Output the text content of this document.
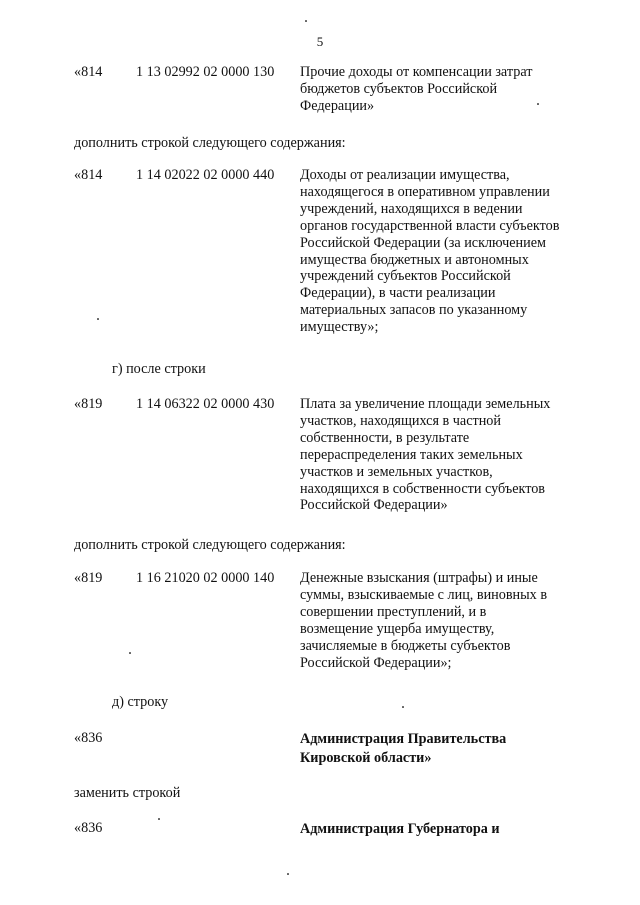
5
«814 1 13 02992 02 0000 130 Прочие доходы от компенсации затрат
бюджетов субъектов Российской
Федерации»
дополнить строкой следующего содержания:
«814 1 14 02022 02 0000 440 Доходы от реализации имущества,
находящегося в оперативном управлении
учреждений, находящихся в ведении
органов государственной власти субъектов
Российской Федерации (за исключением
имущества бюджетных и автономных
учреждений субъектов Российской
Федерации), в части реализации
материальных запасов по указанному
имуществу»;
г) после строки
«819 1 14 06322 02 0000 430 Плата за увеличение площади земельных
участков, находящихся в частной
собственности, в результате
перераспределения таких земельных
участков и земельных участков,
находящихся в собственности субъектов
Российской Федерации»
дополнить строкой следующего содержания:
«819 1 16 21020 02 0000 140 Денежные взыскания (штрафы) и иные
суммы, взыскиваемые с лиц, виновных в
совершении преступлений, и в
возмещение ущерба имуществу,
зачисляемые в бюджеты субъектов
Российской Федерации»;
д) строку
«836	Администрация Правительства
Кировской области»
заменить строкой
«836	Администрация Губернатора и
